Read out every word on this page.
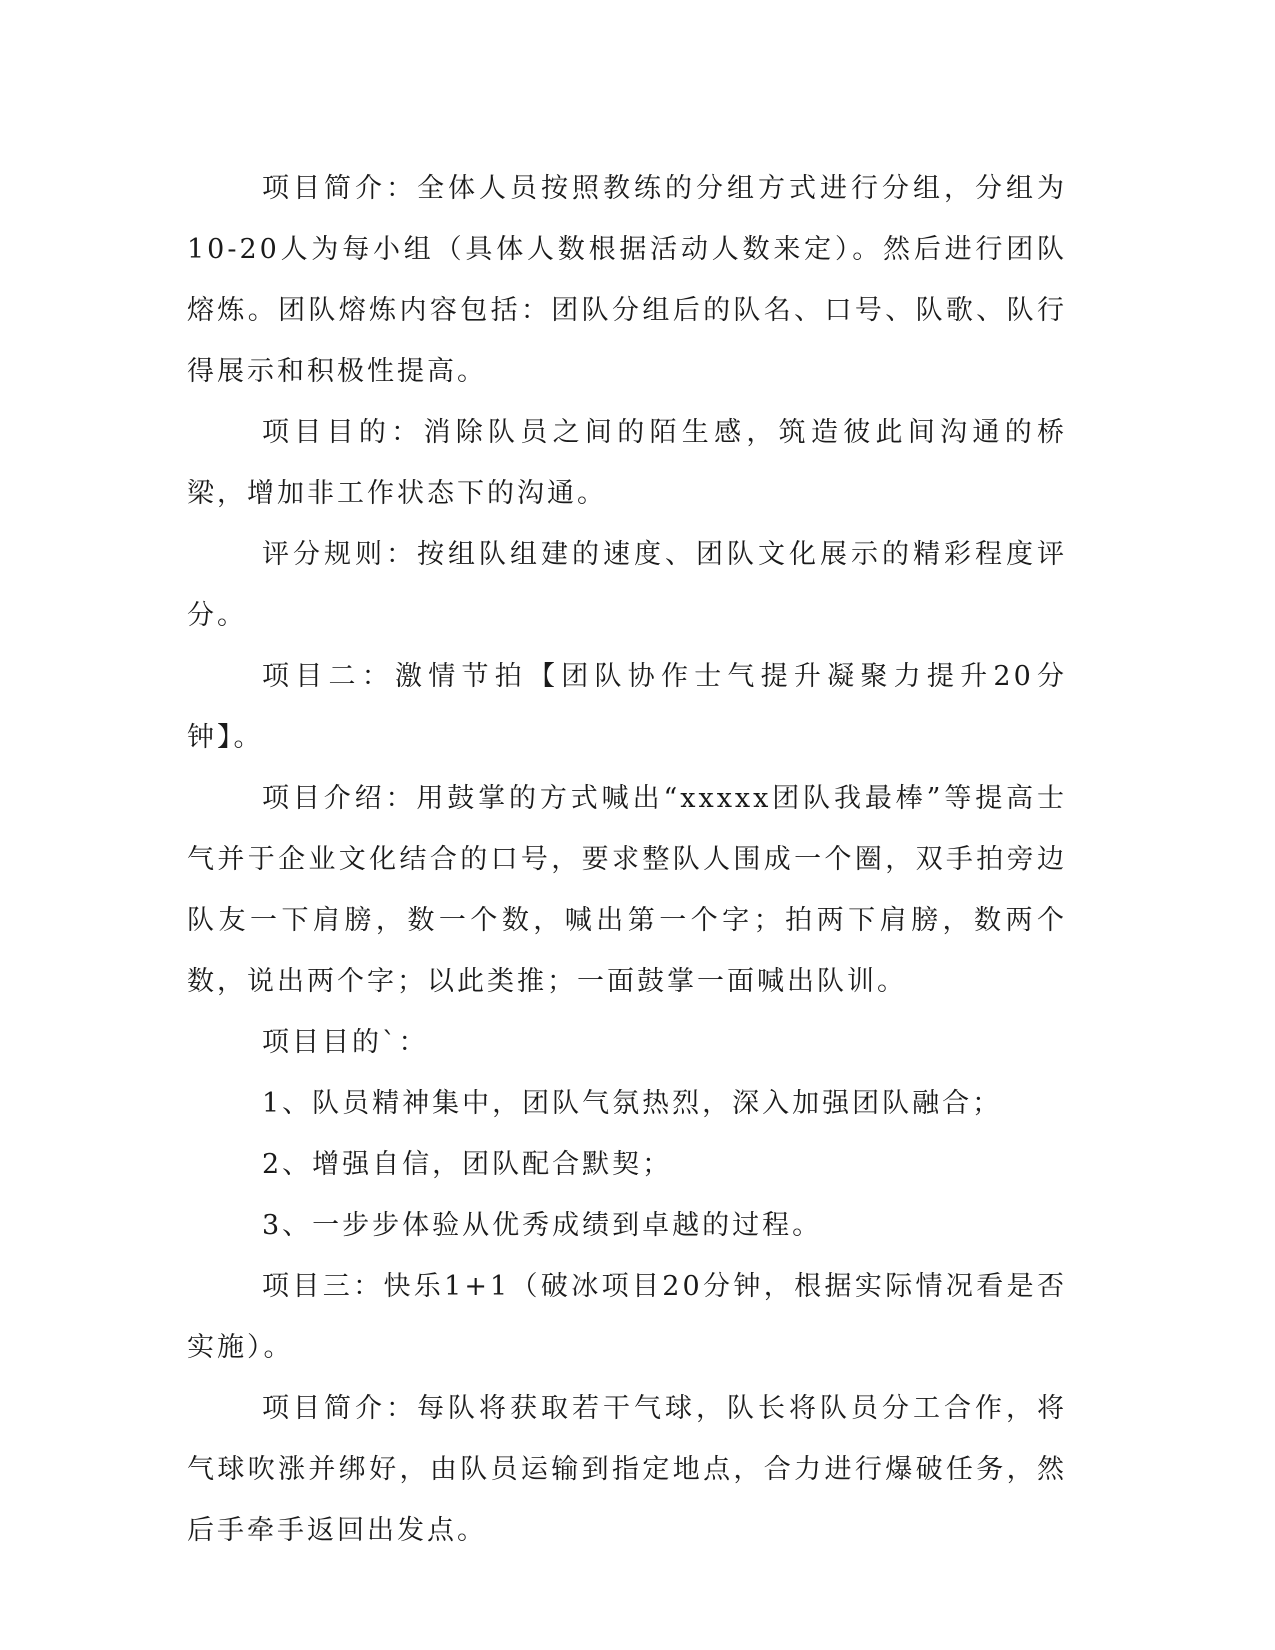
项目简介：全体人员按照教练的分组方式进行分组，分组为10-20人为每小组（具体人数根据活动人数来定）。然后进行团队熔炼。团队熔炼内容包括：团队分组后的队名、口号、队歌、队行得展示和积极性提高。

项目目的：消除队员之间的陌生感，筑造彼此间沟通的桥梁，增加非工作状态下的沟通。

评分规则：按组队组建的速度、团队文化展示的精彩程度评分。

项目二：激情节拍【团队协作士气提升凝聚力提升20分钟】。

项目介绍：用鼓掌的方式喊出“xxxxx团队我最棒”等提高士气并于企业文化结合的口号，要求整队人围成一个圈，双手拍旁边队友一下肩膀，数一个数，喊出第一个字；拍两下肩膀，数两个数，说出两个字；以此类推；一面鼓掌一面喊出队训。

项目目的`：

1、队员精神集中，团队气氛热烈，深入加强团队融合；

2、增强自信，团队配合默契；

3、一步步体验从优秀成绩到卓越的过程。

项目三：快乐1+1（破冰项目20分钟，根据实际情况看是否实施）。

项目简介：每队将获取若干气球，队长将队员分工合作，将气球吹涨并绑好，由队员运输到指定地点，合力进行爆破任务，然后手牵手返回出发点。
